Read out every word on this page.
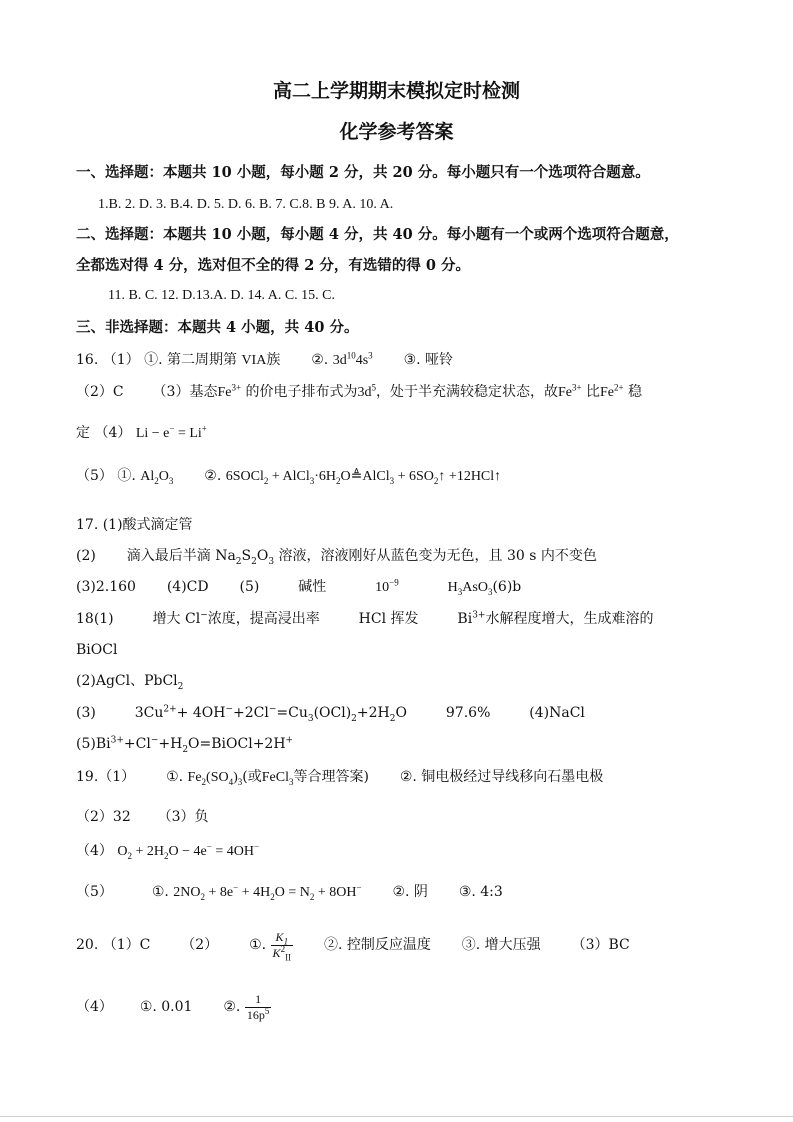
高二上学期期末模拟定时检测
化学参考答案
一、选择题：本题共 10 小题，每小题 2 分，共 20 分。每小题只有一个选项符合题意。
1.B. 2. D. 3. B.4. D. 5. D. 6. B. 7. C.8. B 9. A. 10. A.
二、选择题：本题共 10 小题，每小题 4 分，共 40 分。每小题有一个或两个选项符合题意，
全都选对得 4 分，选对但不全的得 2 分，有选错的得 0 分。
11. B. C. 12. D.13.A. D. 14. A. C. 15. C.
三、非选择题：本题共 4 小题，共 40 分。
16. （1） ①. 第二周期第 VIA族 ②. $3d^{10}4s^3$ ③. 哑铃
（2）C （3）基态$Fe^{3+}$ 的价电子排布式为$3d^5$，处于半充满较稳定状态，故$Fe^{3+}$ 比$Fe^{2+}$ 稳
定 （4） Li − e− = Li+
（5） ①. $Al_2O_3$ ②. 6SOCl$_2$ + $AlCl_3\cdot 6H_2O≜AlCl_3$ + $6SO_2↑$ +12HCl↑
17. (1)酸式滴定管
(2) 滴入最后半滴 $Na_2S_2O_3$ 溶液，溶液刚好从蓝色变为无色，且 30 s 内不变色
(3)2.160 (4)CD (5)	碱性	$10^{-9}$	$H_3AsO_3(6)b$
18(1)	增大 Cl−浓度，提高浸出率	HCl 挥发	$Bi^{3+}$水解程度增大，生成难溶的
BiOCl
(2)AgCl、PbCl$_2$
(3)	$3Cu^{2+}+ 4OH^-+2Cl^-=Cu_3(OCl)_2+2H_2O$	97.6%	(4)NaCl
$(5)Bi^{3+}+Cl^-+H_2O=BiOCl+2H^+$
19.（1） ①. $Fe_2(SO_4)_3$(或FeCl$_3$等合理答案) ②. 铜电极经过导线移向石墨电极
（2）32 （3）负
（4） $O_2 + 2H_2O - 4e^- = 4OH^-$
（5）	①. $2NO_2 + 8e^- + 4H_2O = N_2 + 8OH^-$ ②. 阴 ③. 4:3
20. （1）C （2） ①. $\frac{K_1}{K^2_{II}}$ ②. 控制反应温度 ③. 增大压强 （3）BC
（4） ①. 0.01 ②. $\frac{1}{16p^5}$
